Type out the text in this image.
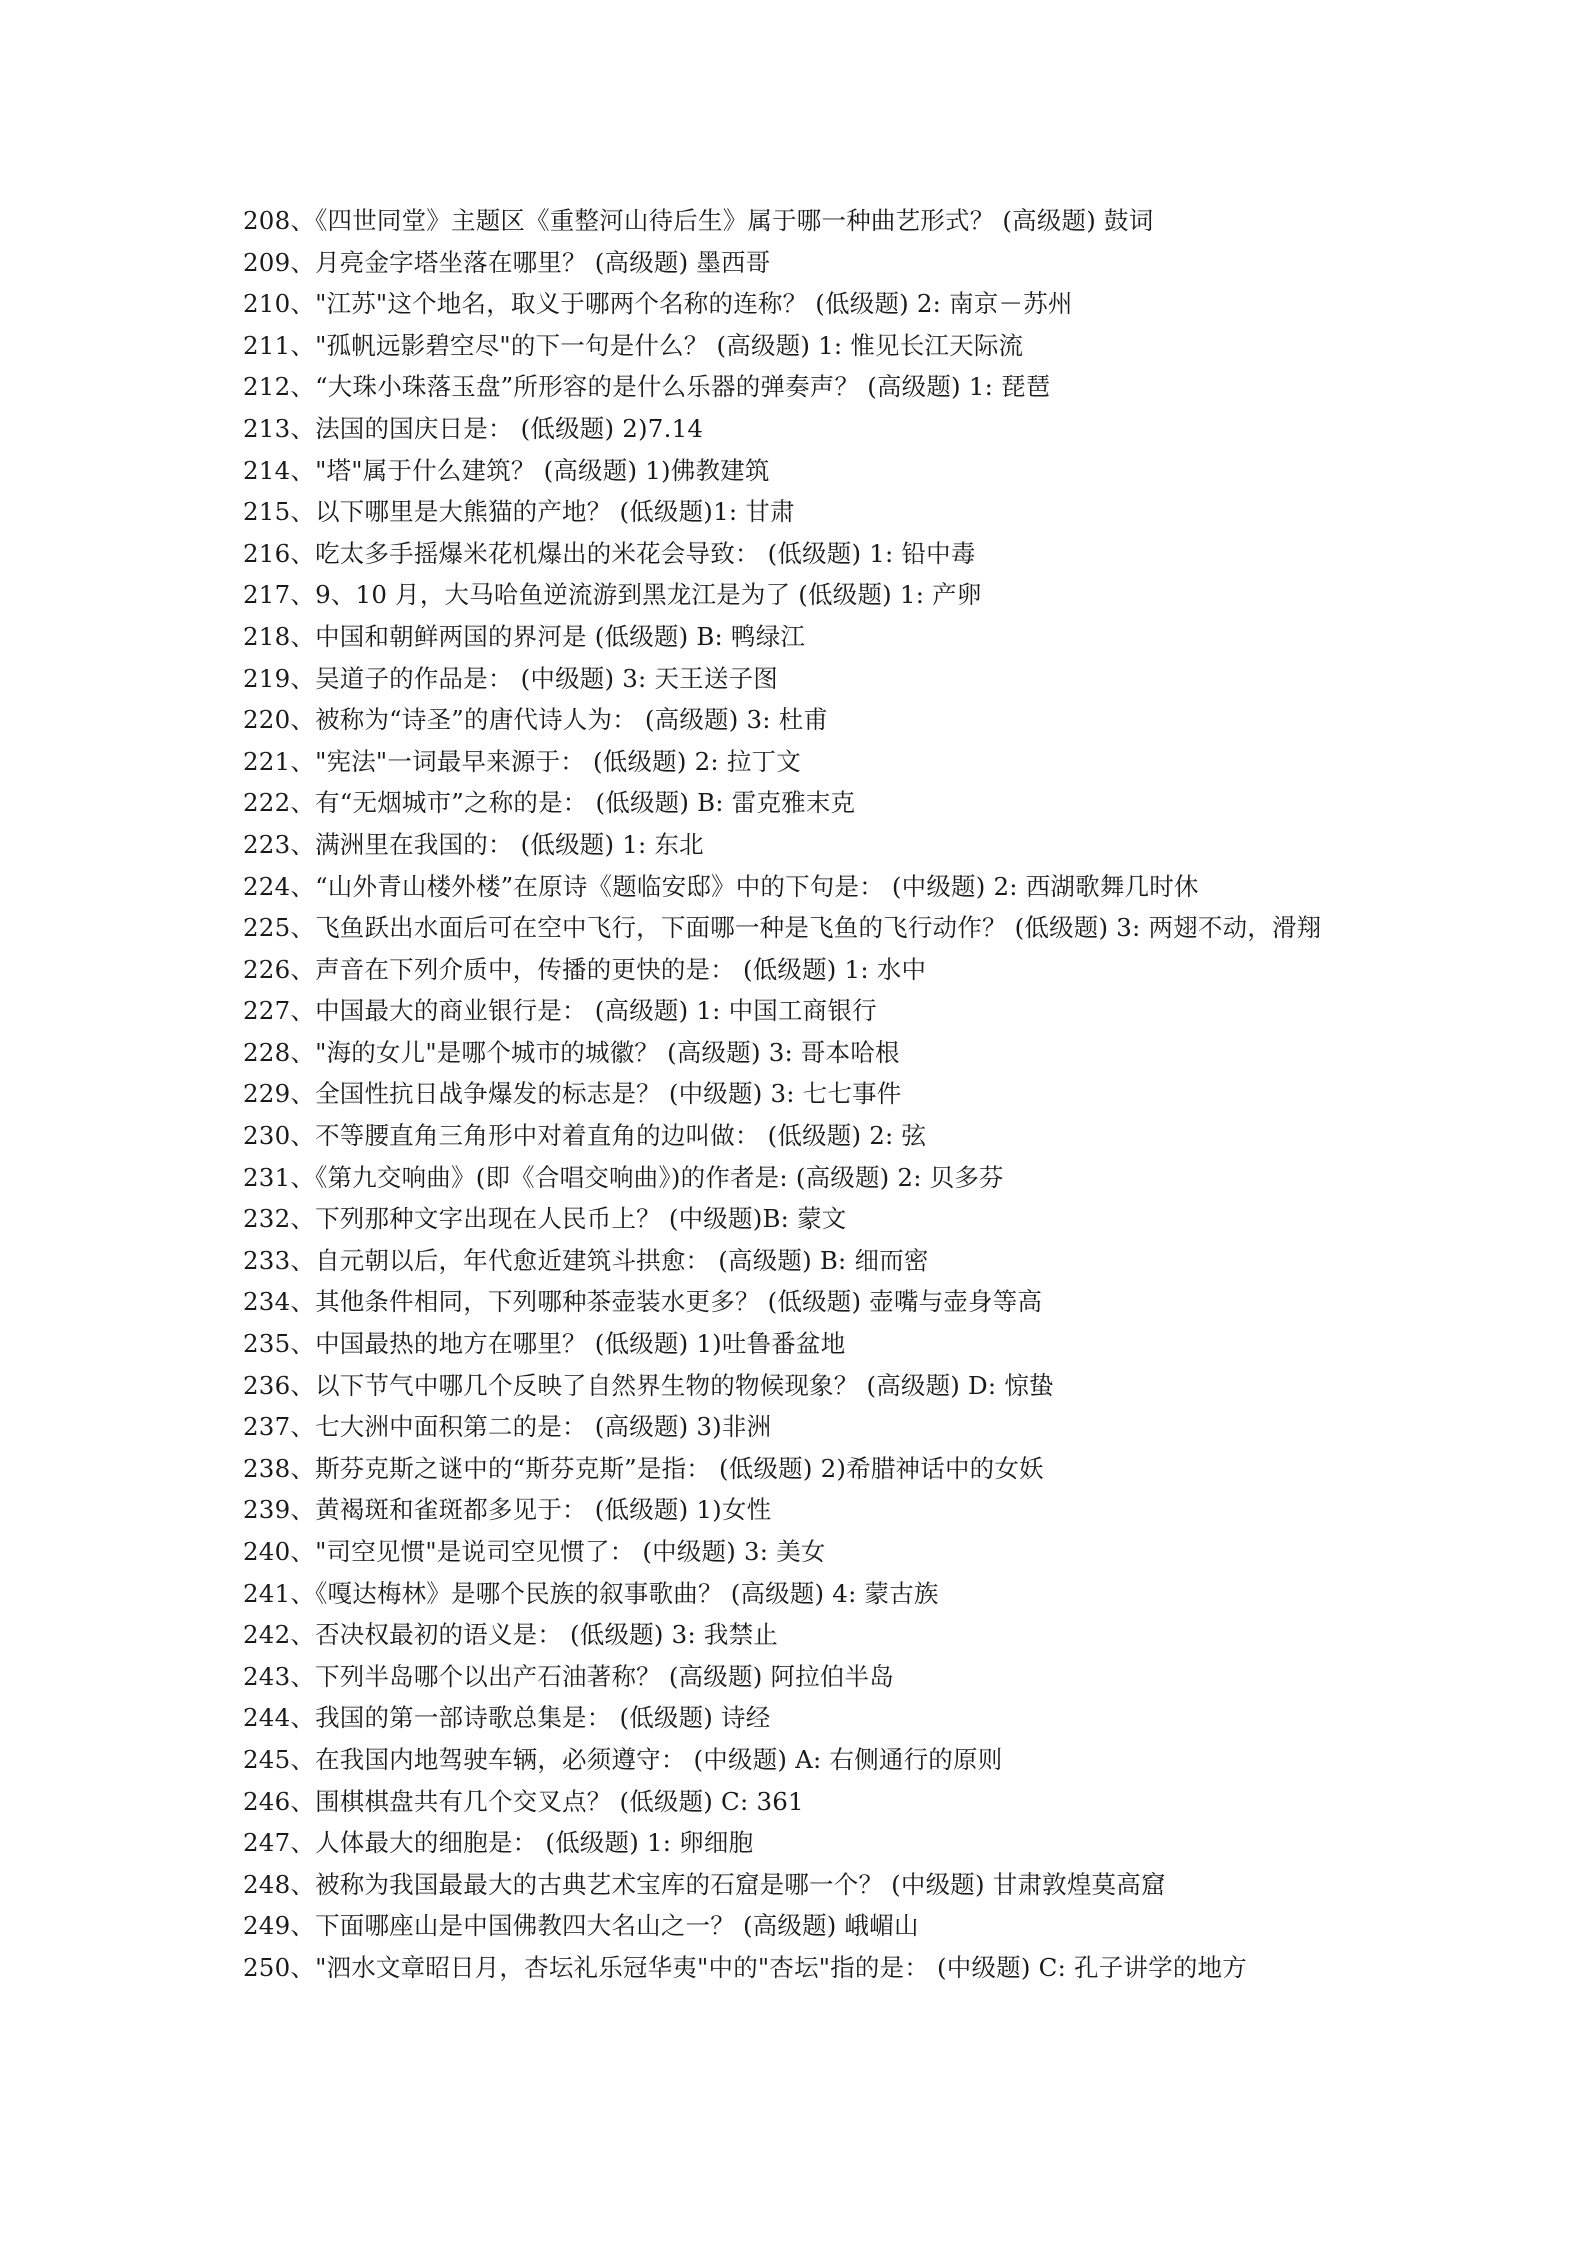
208、《四世同堂》主题区《重整河山待后生》属于哪一种曲艺形式？ (高级题) 鼓词
209、月亮金字塔坐落在哪里？ (高级题) 墨西哥
210、"江苏"这个地名，取义于哪两个名称的连称？ (低级题) 2: 南京－苏州
211、"孤帆远影碧空尽"的下一句是什么？ (高级题) 1: 惟见长江天际流
212、“大珠小珠落玉盘”所形容的是什么乐器的弹奏声？ (高级题) 1: 琵琶
213、法国的国庆日是： (低级题) 2)7.14
214、"塔"属于什么建筑？ (高级题) 1)佛教建筑
215、以下哪里是大熊猫的产地？ (低级题)1: 甘肃
216、吃太多手摇爆米花机爆出的米花会导致： (低级题) 1: 铅中毒
217、9、10 月，大马哈鱼逆流游到黑龙江是为了 (低级题) 1: 产卵
218、中国和朝鲜两国的界河是 (低级题) B: 鸭绿江
219、吴道子的作品是： (中级题) 3: 天王送子图
220、被称为“诗圣”的唐代诗人为： (高级题) 3: 杜甫
221、"宪法"一词最早来源于： (低级题) 2: 拉丁文
222、有“无烟城市”之称的是： (低级题) B: 雷克雅末克
223、满洲里在我国的： (低级题) 1: 东北
224、“山外青山楼外楼”在原诗《题临安邸》中的下句是： (中级题) 2: 西湖歌舞几时休
225、飞鱼跃出水面后可在空中飞行，下面哪一种是飞鱼的飞行动作？ (低级题) 3: 两翅不动，滑翔
226、声音在下列介质中，传播的更快的是： (低级题) 1: 水中
227、中国最大的商业银行是： (高级题) 1: 中国工商银行
228、"海的女儿"是哪个城市的城徽？ (高级题) 3: 哥本哈根
229、全国性抗日战争爆发的标志是？ (中级题) 3: 七七事件
230、不等腰直角三角形中对着直角的边叫做： (低级题) 2: 弦
231、《第九交响曲》(即《合唱交响曲》)的作者是: (高级题) 2: 贝多芬
232、下列那种文字出现在人民币上？ (中级题)B: 蒙文
233、自元朝以后，年代愈近建筑斗拱愈： (高级题) B: 细而密
234、其他条件相同，下列哪种茶壶装水更多？ (低级题) 壶嘴与壶身等高
235、中国最热的地方在哪里？ (低级题) 1)吐鲁番盆地
236、以下节气中哪几个反映了自然界生物的物候现象？ (高级题) D: 惊蛰
237、七大洲中面积第二的是： (高级题) 3)非洲
238、斯芬克斯之谜中的“斯芬克斯”是指： (低级题) 2)希腊神话中的女妖
239、黄褐斑和雀斑都多见于： (低级题) 1)女性
240、"司空见惯"是说司空见惯了： (中级题) 3: 美女
241、《嘎达梅林》是哪个民族的叙事歌曲？ (高级题) 4: 蒙古族
242、否决权最初的语义是： (低级题) 3: 我禁止
243、下列半岛哪个以出产石油著称？ (高级题) 阿拉伯半岛
244、我国的第一部诗歌总集是： (低级题) 诗经
245、在我国内地驾驶车辆，必须遵守： (中级题) A: 右侧通行的原则
246、围棋棋盘共有几个交叉点？ (低级题) C: 361
247、人体最大的细胞是： (低级题) 1: 卵细胞
248、被称为我国最最大的古典艺术宝库的石窟是哪一个？ (中级题) 甘肃敦煌莫高窟
249、下面哪座山是中国佛教四大名山之一？ (高级题) 峨嵋山
250、"泗水文章昭日月，杏坛礼乐冠华夷"中的"杏坛"指的是： (中级题) C: 孔子讲学的地方
